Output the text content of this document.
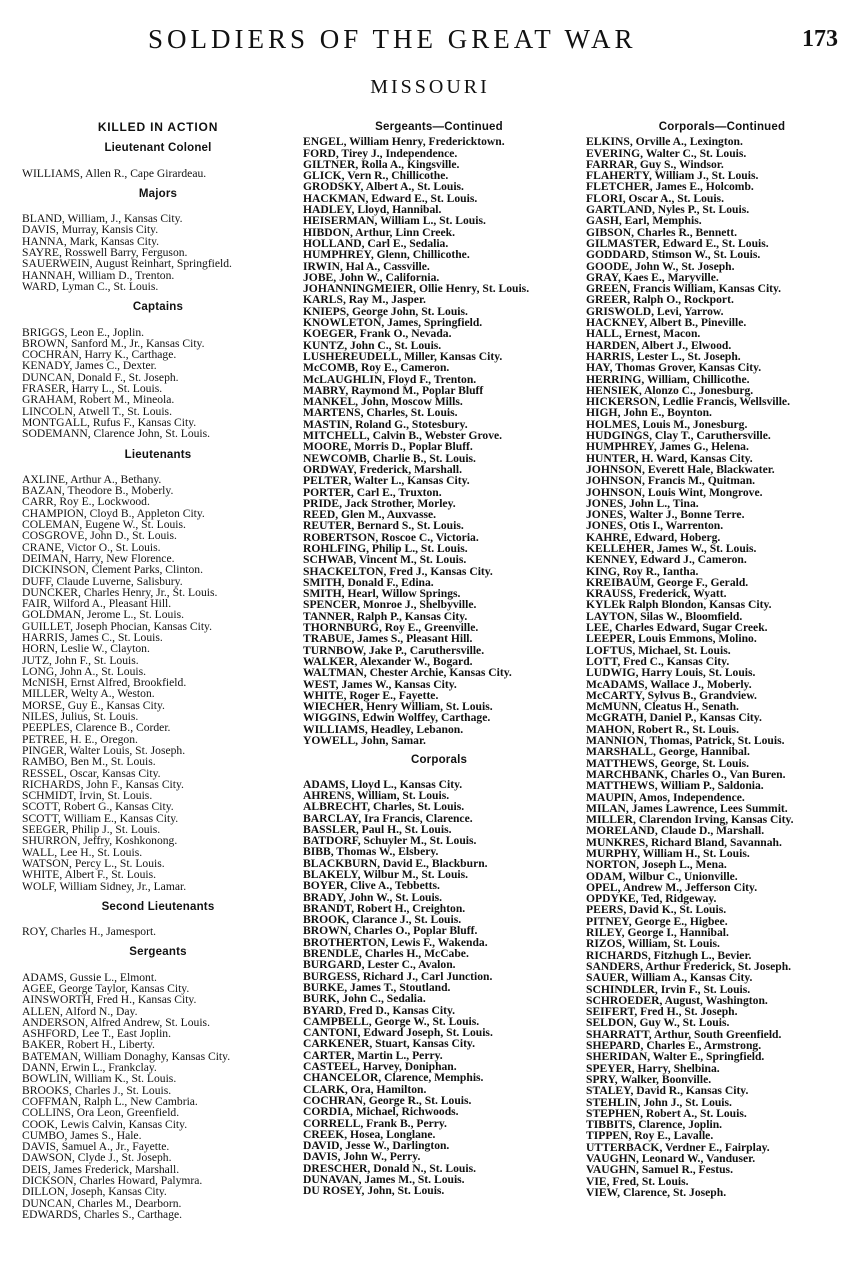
SOLDIERS OF THE GREAT WAR	173
MISSOURI
KILLED IN ACTION
Lieutenant Colonel
WILLIAMS, Allen R., Cape Girardeau.
Majors
BLAND, William, J., Kansas City.
DAVIS, Murray, Kansis City.
HANNA, Mark, Kansas City.
SAYRE, Rosswell Barry, Ferguson.
SAUERWEIN, August Reinhart, Springfield.
HANNAH, William D., Trenton.
WARD, Lyman C., St. Louis.
Captains
BRIGGS, Leon E., Joplin.
BROWN, Sanford M., Jr., Kansas City.
COCHRAN, Harry K., Carthage.
KENADY, James C., Dexter.
DUNCAN, Donald F., St. Joseph.
FRASER, Harry L., St. Louis.
GRAHAM, Robert M., Mineola.
LINCOLN, Atwell T., St. Louis.
MONTGALL, Rufus F., Kansas City.
SODEMANN, Clarence John, St. Louis.
Lieutenants
AXLINE, Arthur A., Bethany.
BAZAN, Theodore B., Moberly.
CARR, Roy E., Lockwood.
CHAMPION, Cloyd B., Appleton City.
COLEMAN, Eugene W., St. Louis.
COSGROVE, John D., St. Louis.
CRANE, Victor O., St. Louis.
DEIMAN, Harry, New Florence.
DICKINSON, Clement Parks, Clinton.
DUFF, Claude Luverne, Salisbury.
DUNCKER, Charles Henry, Jr., St. Louis.
FAIR, Wilford A., Pleasant Hill.
GOLDMAN, Jerome L., St. Louis.
GUILLET, Joseph Phocian, Kansas City.
HARRIS, James C., St. Louis.
HORN, Leslie W., Clayton.
JUTZ, John F., St. Louis.
LONG, John A., St. Louis.
McNISH, Ernst Alfred, Brookfield.
MILLER, Welty A., Weston.
MORSE, Guy E., Kansas City.
NILES, Julius, St. Louis.
PEEPLES, Clarence B., Corder.
PETREE, H. E., Oregon.
PINGER, Walter Louis, St. Joseph.
RAMBO, Ben M., St. Louis.
RESSEL, Oscar, Kansas City.
RICHARDS, John F., Kansas City.
SCHMIDT, Irvin, St. Louis.
SCOTT, Robert G., Kansas City.
SCOTT, William E., Kansas City.
SEEGER, Philip J., St. Louis.
SHURRON, Jeffry, Koshkonong.
WALL, Lee H., St. Louis.
WATSON, Percy L., St. Louis.
WHITE, Albert F., St. Louis.
WOLF, William Sidney, Jr., Lamar.
Second Lieutenants
ROY, Charles H., Jamesport.
Sergeants
ADAMS, Gussie L., Elmont.
AGEE, George Taylor, Kansas City.
AINSWORTH, Fred H., Kansas City.
ALLEN, Alford N., Day.
ANDERSON, Alfred Andrew, St. Louis.
ASHFORD, Lee T., East Joplin.
BAKER, Robert H., Liberty.
BATEMAN, William Donaghy, Kansas City.
DANN, Erwin L., Frankclay.
BOWLIN, William K., St. Louis.
BROOKS, Charles J., St. Louis.
COFFMAN, Ralph L., New Cambria.
COLLINS, Ora Leon, Greenfield.
COOK, Lewis Calvin, Kansas City.
CUMBO, James S., Hale.
DAVIS, Samuel A., Jr., Fayette.
DAWSON, Clyde J., St. Joseph.
DEIS, James Frederick, Marshall.
DICKSON, Charles Howard, Palymra.
DILLON, Joseph, Kansas City.
DUNCAN, Charles M., Dearborn.
EDWARDS, Charles S., Carthage.
Sergeants—Continued
ENGEL, William Henry, Fredericktown.
FORD, Tirey J., Independence.
GILTNER, Rolla A., Kingsville.
GLICK, Vern R., Chillicothe.
GRODSKY, Albert A., St. Louis.
HACKMAN, Edward E., St. Louis.
HADLEY, Lloyd, Hannibal.
HEISERMAN, William L., St. Louis.
HIBDON, Arthur, Linn Creek.
HOLLAND, Carl E., Sedalia.
HUMPHREY, Glenn, Chillicothe.
IRWIN, Hal A., Cassville.
JOBE, John W., California.
JOHANNINGMEIER, Ollie Henry, St. Louis.
KARLS, Ray M., Jasper.
KNIEPS, George John, St. Louis.
KNOWLETON, James, Springfield.
KOEGER, Frank O., Nevada.
KUNTZ, John C., St. Louis.
LUSHEREUDELL, Miller, Kansas City.
McCOMB, Roy E., Cameron.
McLAUGHLIN, Floyd F., Trenton.
MABRY, Raymond M., Poplar Bluff
MANKEL, John, Moscow Mills.
MARTENS, Charles, St. Louis.
MASTIN, Roland G., Stotesbury.
MITCHELL, Calvin B., Webster Grove.
MOORE, Morris D., Poplar Bluff.
NEWCOMB, Charlie B., St. Louis.
ORDWAY, Frederick, Marshall.
PELTER, Walter L., Kansas City.
PORTER, Carl E., Truxton.
PRIDE, Jack Strother, Morley.
REED, Glen M., Auxvasse.
REUTER, Bernard S., St. Louis.
ROBERTSON, Roscoe C., Victoria.
ROHLFING, Philip L., St. Louis.
SCHWAB, Vincent M., St. Louis.
SHACKELTON, Fred J., Kansas City.
SMITH, Donald F., Edina.
SMITH, Hearl, Willow Springs.
SPENCER, Monroe J., Shelbyville.
TANNER, Ralph P., Kansas City.
THORNBURG, Roy E., Greenville.
TRABUE, James S., Pleasant Hill.
TURNBOW, Jake P., Caruthersville.
WALKER, Alexander W., Bogard.
WALTMAN, Chester Archie, Kansas City.
WEST, James W., Kansas City.
WHITE, Roger E., Fayette.
WIECHER, Henry William, St. Louis.
WIGGINS, Edwin Wolffey, Carthage.
WILLIAMS, Headley, Lebanon.
YOWELL, John, Samar.
Corporals
ADAMS, Lloyd L., Kansas City.
AHRENS, William, St. Louis.
ALBRECHT, Charles, St. Louis.
BARCLAY, Ira Francis, Clarence.
BASSLER, Paul H., St. Louis.
BATDORF, Schuyler M., St. Louis.
BIBB, Thomas W., Elsbery.
BLACKBURN, David E., Blackburn.
BLAKELY, Wilbur M., St. Louis.
BOYER, Clive A., Tebbetts.
BRADY, John W., St. Louis.
BRANDT, Robert H., Creighton.
BROOK, Clarance J., St. Louis.
BROWN, Charles O., Poplar Bluff.
BROTHERTON, Lewis F., Wakenda.
BRENDLE, Charles H., McCabe.
BURGARD, Lester C., Avalon.
BURGESS, Richard J., Carl Junction.
BURKE, James T., Stoutland.
BURK, John C., Sedalia.
BYARD, Fred D., Kansas City.
CAMPBELL, George W., St. Louis.
CANTONI, Edward Joseph, St. Louis.
CARKENER, Stuart, Kansas City.
CARTER, Martin L., Perry.
CASTEEL, Harvey, Doniphan.
CHANCELOR, Clarence, Memphis.
CLARK, Ora, Hamilton.
COCHRAN, George R., St. Louis.
CORDIA, Michael, Richwoods.
CORRELL, Frank B., Perry.
CREEK, Hosea, Longlane.
DAVID, Jesse W., Darlington.
DAVIS, John W., Perry.
DRESCHER, Donald N., St. Louis.
DUNAVAN, James M., St. Louis.
DU ROSEY, John, St. Louis.
Corporals—Continued
ELKINS, Orville A., Lexington.
EVERING, Walter C., St. Louis.
FARRAR, Guy S., Windsor.
FLAHERTY, William J., St. Louis.
FLETCHER, James E., Holcomb.
FLORI, Oscar A., St. Louis.
GARTLAND, Nyles P., St. Louis.
GASH, Earl, Memphis.
GIBSON, Charles R., Bennett.
GILMASTER, Edward E., St. Louis.
GODDARD, Stimson W., St. Louis.
GOODE, John W., St. Joseph.
GRAY, Kaes E., Maryville.
GREEN, Francis William, Kansas City.
GREER, Ralph O., Rockport.
GRISWOLD, Levi, Yarrow.
HACKNEY, Albert B., Pineville.
HALL, Ernest, Macon.
HARDEN, Albert J., Elwood.
HARRIS, Lester L., St. Joseph.
HAY, Thomas Grover, Kansas City.
HERRING, William, Chillicothe.
HENSIEK, Alonzo C., Jonesburg.
HICKERSON, Ledlie Francis, Wellsville.
HIGH, John E., Boynton.
HOLMES, Louis M., Jonesburg.
HUDGINGS, Clay T., Caruthersville.
HUMPHREY, James G., Helena.
HUNTER, H. Ward, Kansas City.
JOHNSON, Everett Hale, Blackwater.
JOHNSON, Francis M., Quitman.
JOHNSON, Louis Wint, Mongrove.
JONES, John L., Tina.
JONES, Walter J., Bonne Terre.
JONES, Otis I., Warrenton.
KAHRE, Edward, Hoberg.
KELLEHER, James W., St. Louis.
KENNEY, Edward J., Cameron.
KING, Roy R., Iantha.
KREIBAUM, George F., Gerald.
KRAUSS, Frederick, Wyatt.
KYLEk Ralph Blondon, Kansas City.
LAYTON, Silas W., Bloomfield.
LEE, Charles Edward, Sugar Creek.
LEEPER, Louis Emmons, Molino.
LOFTUS, Michael, St. Louis.
LOTT, Fred C., Kansas City.
LUDWIG, Harry Louis, St. Louis.
McADAMS, Wallace J., Moberly.
McCARTY, Sylvus B., Grandview.
McMUNN, Cleatus H., Senath.
McGRATH, Daniel P., Kansas City.
MAHON, Robert R., St. Louis.
MANNION, Thomas, Patrick, St. Louis.
MARSHALL, George, Hannibal.
MATTHEWS, George, St. Louis.
MARCHBANK, Charles O., Van Buren.
MATTHEWS, William P., Saldonia.
MAUPIN, Amos, Independence.
MILAN, James Lawrence, Lees Summit.
MILLER, Clarendon Irving, Kansas City.
MORELAND, Claude D., Marshall.
MUNKRES, Richard Bland, Savannah.
MURPHY, William H., St. Louis.
NORTON, Joseph L., Mena.
ODAM, Wilbur C., Unionville.
OPEL, Andrew M., Jefferson City.
OPDYKE, Ted, Ridgeway.
PEERS, David K., St. Louis.
PITNEY, George E., Higbee.
RILEY, George I., Hannibal.
RIZOS, William, St. Louis.
RICHARDS, Fitzhugh L., Bevier.
SANDERS, Arthur Frederick, St. Joseph.
SAUER, William A., Kansas City.
SCHINDLER, Irvin F., St. Louis.
SCHROEDER, August, Washington.
SEIFERT, Fred H., St. Joseph.
SELDON, Guy W., St. Louis.
SHARRATT, Arthur, South Greenfield.
SHEPARD, Charles E., Armstrong.
SHERIDAN, Walter E., Springfield.
SPEYER, Harry, Shelbina.
SPRY, Walker, Boonville.
STALEY, David R., Kansas City.
STEHLIN, John J., St. Louis.
STEPHEN, Robert A., St. Louis.
TIBBITS, Clarence, Joplin.
TIPPEN, Roy E., Lavalle.
UTTERBACK, Verdner E., Fairplay.
VAUGHN, Leonard W., Vanduser.
VAUGHN, Samuel R., Festus.
VIE, Fred, St. Louis.
VIEW, Clarence, St. Joseph.
